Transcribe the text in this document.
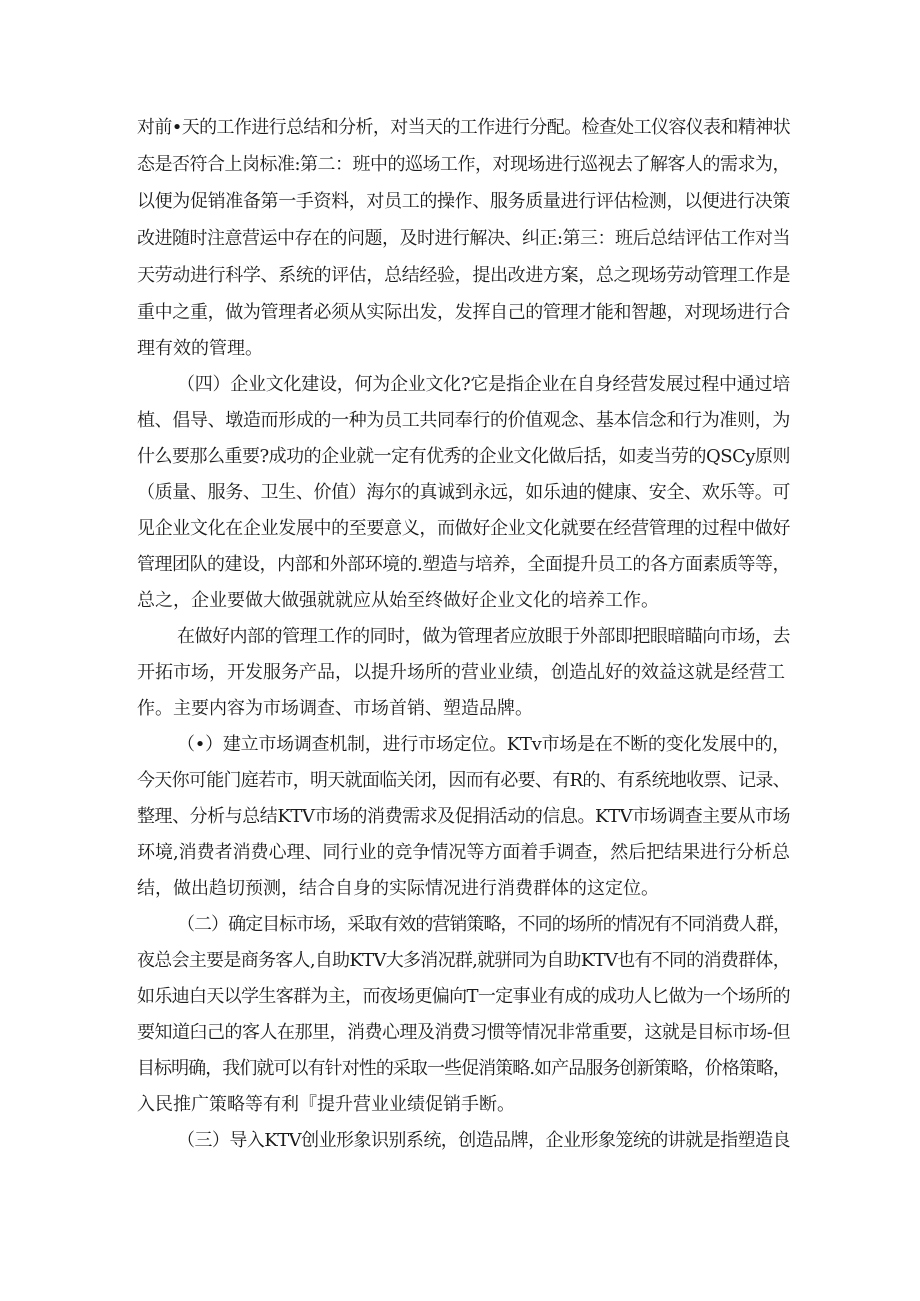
对前•天的工作进行总结和分析，对当天的工作进行分配。检查处工仪容仪表和精神状
态是否符合上岗标准:第二：班中的巡场工作，对现场进行巡视去了解客人的需求为，
以便为促销准备第一手资料，对员工的操作、服务质量进行评估检测，以便进行决策
改进随时注意营运中存在的问题，及时进行解决、纠正:第三：班后总结评估工作对当
天劳动进行科学、系统的评估，总结经验，提出改进方案，总之现场劳动管理工作是
重中之重，做为管理者必须从实际出发，发挥自己的管理才能和智趣，对现场进行合
理有效的管理。
（四）企业文化建设，何为企业文化?它是指企业在自身经营发展过程中通过培
植、倡导、墩造而形成的一种为员工共同奉行的价值观念、基本信念和行为准则，为
什么要那么重要?成功的企业就一定有优秀的企业文化做后括，如麦当劳的QSCy原则
（质量、服务、卫生、价值）海尔的真诚到永远，如乐迪的健康、安全、欢乐等。可
见企业文化在企业发展中的至要意义，而做好企业文化就要在经营管理的过程中做好
管理团队的建设，内部和外部环境的.塑造与培养，全面提升员工的各方面素质等等，
总之，企业要做大做强就就应从始至终做好企业文化的培养工作。
在做好内部的管理工作的同时，做为管理者应放眼于外部即把眼暗瞄向市场，去
开拓市场，开发服务产品，以提升场所的营业业绩，创造乩好的效益这就是经营工
作。主要内容为市场调查、市场首销、塑造品牌。
（•）建立市场调查机制，进行市场定位。KTv市场是在不断的变化发展中的，
今天你可能门庭若市，明天就面临关闭，因而有必要、有R的、有系统地收票、记录、
整理、分析与总结KTV市场的消费需求及促捐活动的信息。KTV市场调查主要从市场
环境,消费者消费心理、同行业的竞争情况等方面着手调查，然后把结果进行分析总
结，做出趋切预测，结合自身的实际情况进行消费群体的这定位。
（二）确定目标市场，采取有效的营销策略，不同的场所的情况有不同消费人群，
夜总会主要是商务客人,自助KTV大多消况群,就骈同为自助KTV也有不同的消费群体，
如乐迪白天以学生客群为主，而夜场更偏向T一定事业有成的成功人匕做为一个场所的
要知道臼己的客人在那里，消费心理及消费习惯等情况非常重要，这就是目标市场-但
目标明确，我们就可以有针对性的采取一些促消策略.如产品服务创新策略，价格策略，
入民推广策略等有利『提升营业业绩促销手断。
（三）导入KTV创业形象识别系统，创造品牌，企业形象笼统的讲就是指塑造良
